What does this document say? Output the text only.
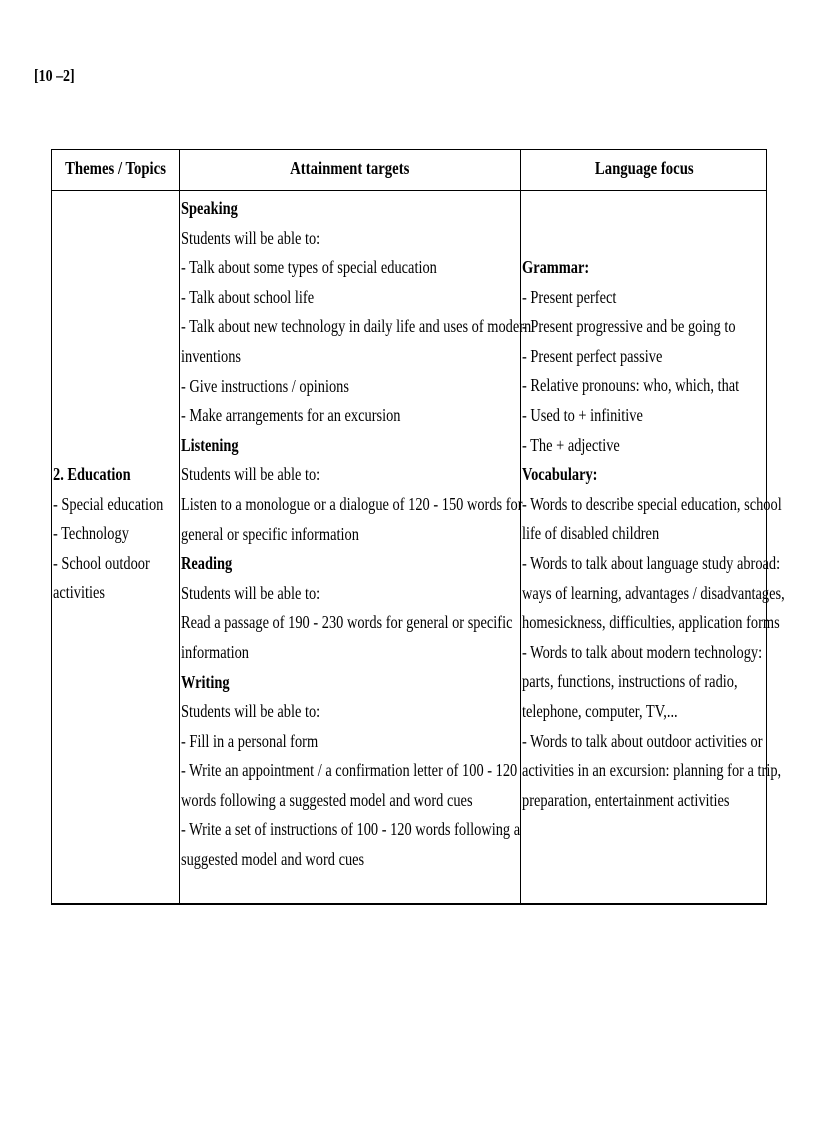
[10 –2]
Themes / Topics	Attainment targets	Language focus
2. Education
- Special education
- Technology
- School outdoor
activities
Speaking
Students will be able to:
- Talk about some types of special education
- Talk about school life
- Talk about new technology in daily life and uses of modern
inventions
- Give instructions / opinions
- Make arrangements for an excursion
Listening
Students will be able to:
Listen to a monologue or a dialogue of 120 - 150 words for
general or specific information
Reading
Students will be able to:
Read a passage of 190 - 230 words for general or specific
information
Writing
Students will be able to:
- Fill in a personal form
- Write an appointment / a confirmation letter of 100 - 120
words following a suggested model and word cues
- Write a set of instructions of 100 - 120 words following a
suggested model and word cues
Grammar:
- Present perfect
- Present progressive and be going to
- Present perfect passive
- Relative pronouns: who, which, that
- Used to + infinitive
- The + adjective
Vocabulary:
- Words to describe special education, school
life of disabled children
- Words to talk about language study abroad:
ways of learning, advantages / disadvantages,
homesickness, difficulties, application forms
- Words to talk about modern technology:
parts, functions, instructions of radio,
telephone, computer, TV,...
- Words to talk about outdoor activities or
activities in an excursion: planning for a trip,
preparation, entertainment activities
